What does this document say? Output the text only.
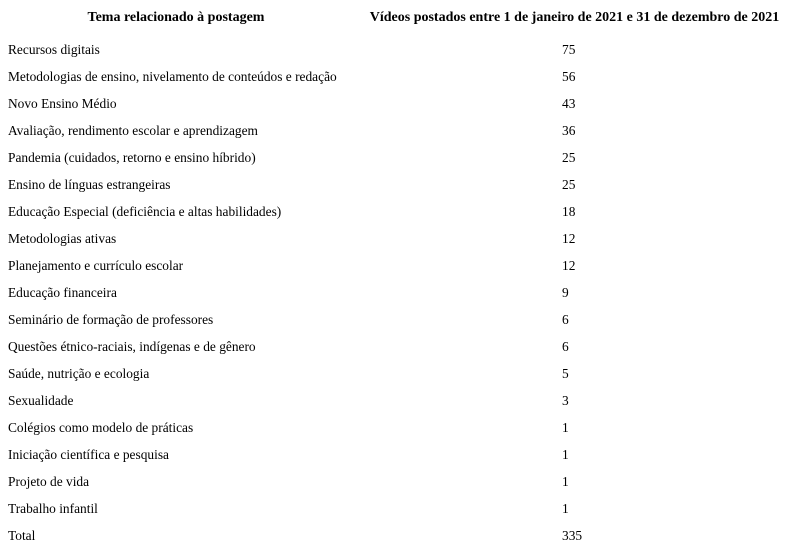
Tema relacionado à postagem	Vídeos postados entre 1 de janeiro de 2021 e 31 de dezembro de 2021
Recursos digitais	75
Metodologias de ensino, nivelamento de conteúdos e redação	56
Novo Ensino Médio	43
Avaliação, rendimento escolar e aprendizagem	36
Pandemia (cuidados, retorno e ensino híbrido)	25
Ensino de línguas estrangeiras	25
Educação Especial (deficiência e altas habilidades)	18
Metodologias ativas	12
Planejamento e currículo escolar	12
Educação financeira	9
Seminário de formação de professores	6
Questões étnico-raciais, indígenas e de gênero	6
Saúde, nutrição e ecologia	5
Sexualidade	3
Colégios como modelo de práticas	1
Iniciação científica e pesquisa	1
Projeto de vida	1
Trabalho infantil	1
Total	335
